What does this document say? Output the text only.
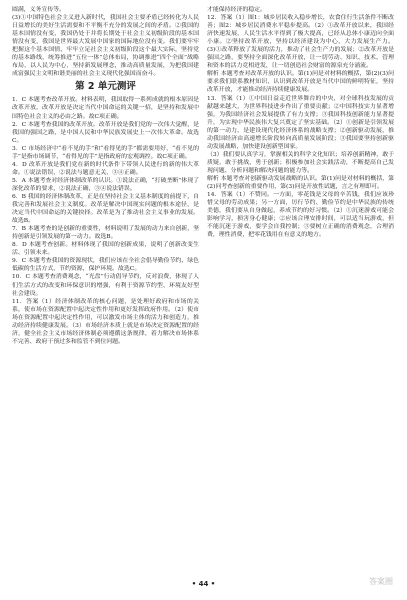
圆满，义务宣传等。

(3)①中国特色社会主义进入新时代，我国社会主要矛盾已经转化为人民日益增长的美好生活需要和不平衡不充分的发展之间的矛盾。②我国的基本国情没有变，我国仍处于并将长期处于社会主义初级阶段的基本国情没有变，我国是世界最大发展中国家的国际地位没有变。我们要牢牢把握这个基本国情，牢牢立足社会主义初级阶段这个最大实际，坚持党的基本路线，统筹推进“五位一体”总体布局，协调推进“四个全面”战略布局，以人民为中心，坚持新发展理念，推动高质量发展，为把我国建成富强民主文明和谐美丽的社会主义现代化强国而奋斗。

第 2 单元测评

1．C 本题考查改革开放。材料表明，我国取得一系列成就的根本原因是改革开放，改革开放是决定当代中国命运的关键一招，是坚持和发展中国特色社会主义的必由之路。故C项正确。

2．C 本题考查我国的改革开放。改革开放是我们党的一次伟大觉醒，是我国的强国之路，是中国人民和中华民族发展史上一次伟大革命。故选C。

3．C 市场经济中“看不见的手”和“看得见的手”都需要用好，“看不见的手”是指市场调节，“看得见的手”是指政府的宏观调控。故C项正确。

4．D 改革开放是我们党在新的时代条件下带领人民进行的新的伟大革命。①说法错误，②说法与题意无关，③④正确。

5．A 本题考查对经济体制改革的认识。①说法正确，“打破垄断”体现了深化改革的要求，②说法正确，③④说法错误。

6．B 我国的经济体制改革，正是在坚持社会主义基本制度的前提下，自我完善和发展社会主义制度。改革是解决中国现实问题的根本途径，是决定当代中国命运的关键抉择。改革是为了推动社会主义事业的发展。故选B。

7．B 本题考查的是创新的重要性，材料说明了发展的动力来自创新，坚持创新是引领发展的第一动力。故选B。

8．D 本题考查创新。材料体现了我国的创新成果，说明了创新改变生活、引领未来。

9．C 本题考查我国的资源现状，我们应该在全社会倡导勤俭节约、绿色低碳的生活方式，节约资源，保护环境。故选C。

10．C 本题考查消费观念，“光盘”行动倡导节约，反对浪费，体现了人们生活方式的改变和环保意识的增强，有利于资源节约型、环境友好型社会建设。

11．答案（1）经济体制改革的核心问题，是处理好政府和市场的关系，使市场在资源配置中起决定性作用和更好发挥政府作用。（2）使市场在资源配置中起决定性作用，可以激发市场主体的活力和创造力，推动经济持续健康发展。（3）市场经济本质上就是市场决定资源配置的经济，健全社会主义市场经济体制必须遵循这条规律，着力解决市场体系不完善、政府干预过多和监管不到位问题。

才能保持经济的稳定。

12．答案（1）图1：城乡居民收入稳步增长，农食住行生活条件不断改善；图2：城乡居民消费水平稳步提高。（2）①改革开放以来，我国经济快速发展，人民生活水平得到了极大提高，已经从总体小康迈向全面小康。②坚持改革开放，坚持以经济建设为中心，大力发展生产力。(3)①改革释放了发展的活力，推动了社会生产力的发展；②改革开放是强国之路，要坚持全面深化改革开放，让一切劳动、知识、技术、管理和资本的活力竞相迸发，让一切创造社会财富的源泉充分涌流。

解析 本题考查对改革开放的认识。第(1)问是对材料的概括，第(2)(3)问要求我们联系教材知识，认识到改革开放是当代中国的鲜明特征，坚持改革开放，才能推动经济持续健康发展。

13．答案（1）①中国日益走近世界舞台的中央，对全球科技发展的贡献越来越大，为世界科技进步作出了重要贡献；②中国科技实力显著增强，为我国经济社会发展提供了有力支撑；③我国科技创新能力显著提升，为实现中华民族伟大复兴奠定了坚实基础。（2）①创新是引领发展的第一动力，是建设现代化经济体系的战略支撑；②创新驱动发展，推动我国经济由高速增长阶段转向高质量发展阶段；③我国要坚持创新驱动发展战略，加快建设创新型国家。

（3）我们要认真学习，掌握相关的科学文化知识；培养创新精神，敢于质疑，敢于挑战，勇于创新；积极参加社会实践活动，不断提高自己发现问题、分析问题和解决问题的能力等。

解析 本题考查对创新驱动发展战略的认识。第(1)问是对材料的概括，第(2)问考查创新的重要作用，第(3)问是开放性试题，言之有理即可。

14．答案（1）不赞同。一方面，零花钱是父母的辛苦钱，我们应该珍惜父母的劳动成果；另一方面，厉行节约、勤俭节约是中华民族的传统美德，我们要从自身做起，养成节约的好习惯。（2）①沉迷游戏可能会影响学习，损害身心健康；②应该合理安排时间，可以适当玩游戏，但不能沉迷于游戏，要学会自我控制；③要树立正确的消费观念，合理消费，理性消费，把零花钱用在有意义的地方。

• 44 •	答案圈
